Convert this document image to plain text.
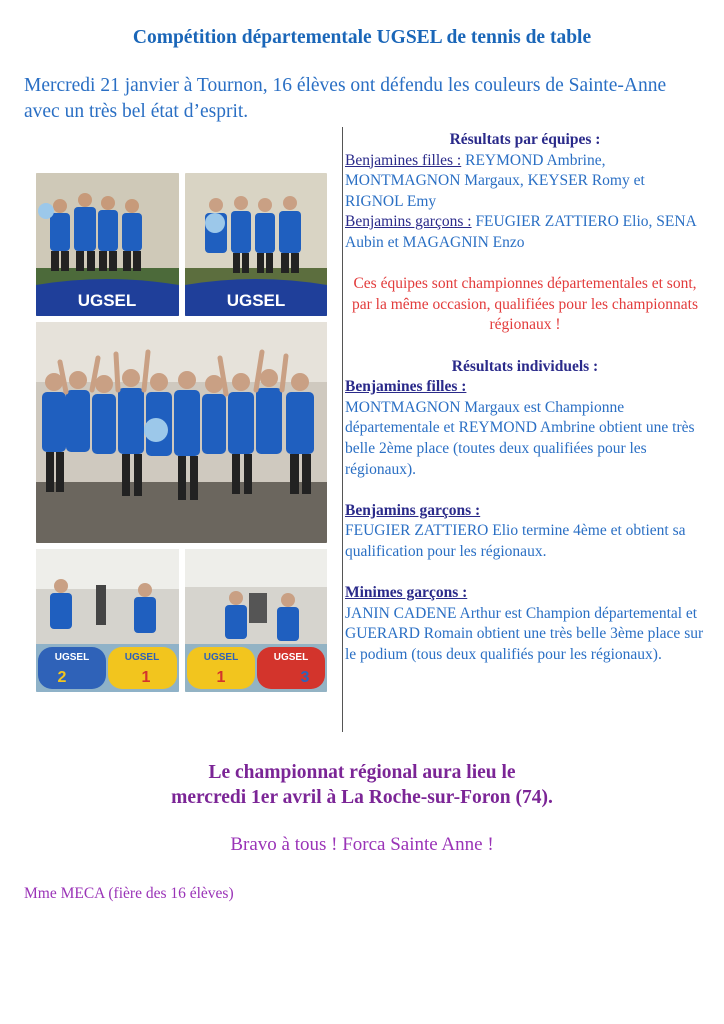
Compétition départementale UGSEL de tennis de table
Mercredi 21 janvier à Tournon, 16 élèves ont défendu les couleurs de Sainte-Anne avec un très bel état d’esprit.
UGSEL	UGSEL
UGSEL	UGSEL
2	1
UGSEL	UGSEL
1	3
Résultats par équipes :
Benjamines filles : REYMOND Ambrine, MONTMAGNON Margaux, KEYSER Romy et RIGNOL Emy
Benjamins garçons : FEUGIER ZATTIERO Elio, SENA Aubin et MAGAGNIN Enzo
Ces équipes sont championnes départementales et sont, par la même occasion, qualifiées pour les championnats régionaux !
Résultats individuels :
Benjamines filles :
MONTMAGNON Margaux est Championne départementale et REYMOND Ambrine obtient une très belle 2ème place (toutes deux qualifiées pour les régionaux).
Benjamins garçons :
FEUGIER ZATTIERO Elio termine 4ème et obtient sa qualification pour les régionaux.
Minimes garçons :
JANIN CADENE Arthur est Champion départemental et GUERARD Romain obtient une très belle 3ème place sur le podium (tous deux qualifiés pour les régionaux).
Le championnat régional aura lieu le
mercredi 1er avril à La Roche-sur-Foron (74).
Bravo à tous ! Forca Sainte Anne !
Mme MECA (fière des 16 élèves)
